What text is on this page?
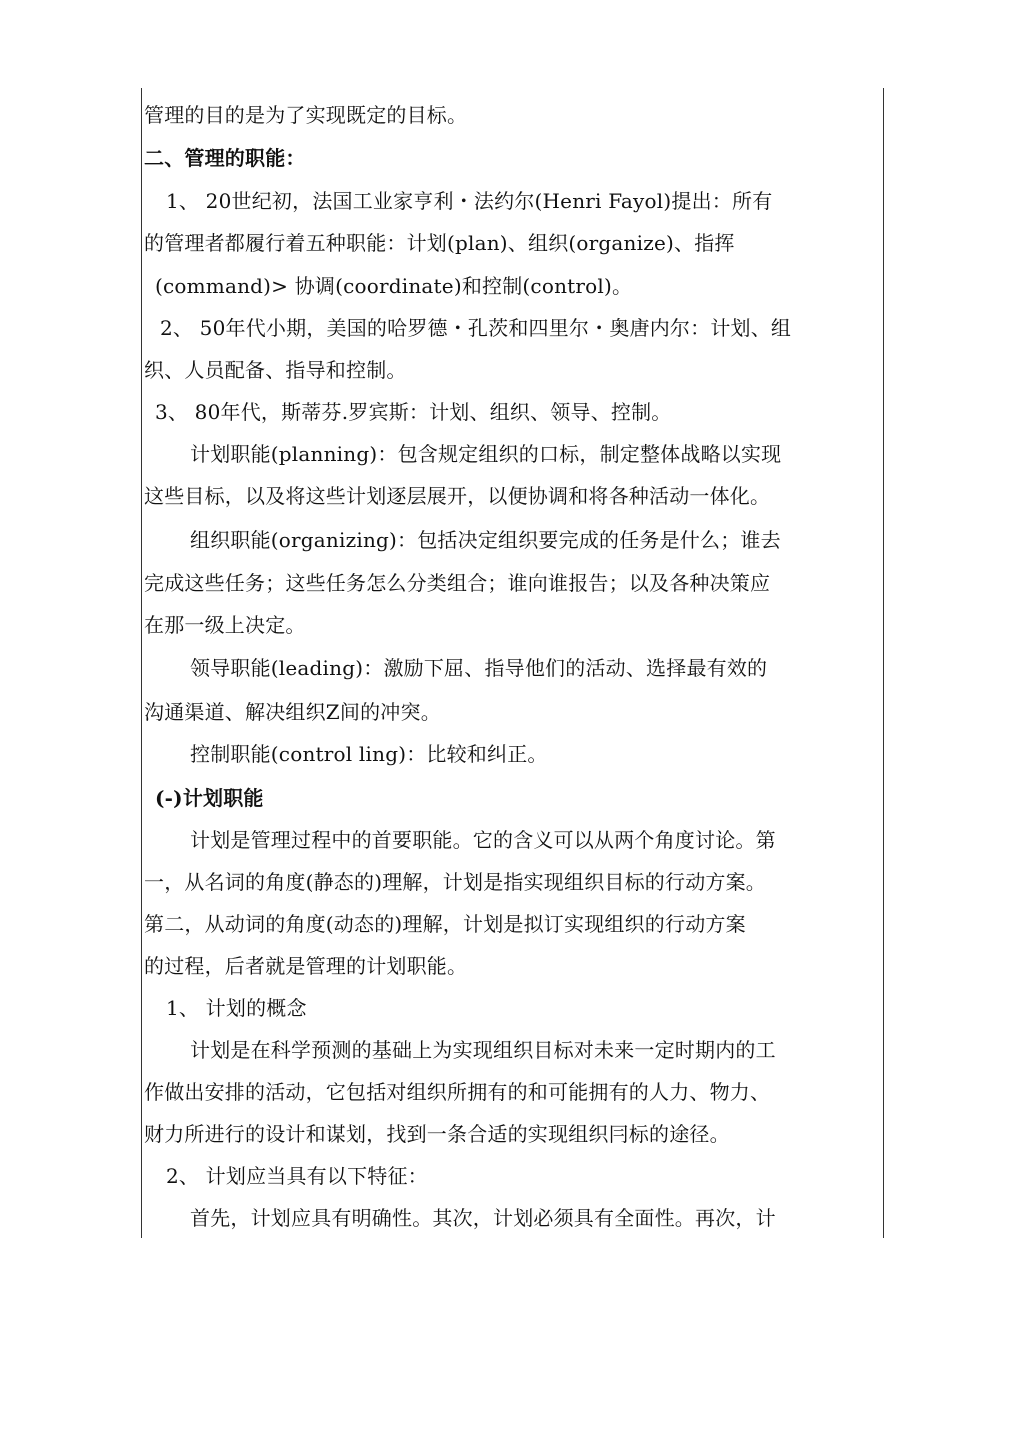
管理的目的是为了实现既定的目标。
二、管理的职能：
1、 20世纪初，法国工业家亨利・法约尔(Henri Fayol)提出：所有
的管理者都履行着五种职能：计划(plan)、组织(organize)、指挥
(command)> 协调(coordinate)和控制(control)。
2、 50年代小期，美国的哈罗德・孔茨和四里尔・奥唐内尔：计划、组
织、人员配备、指导和控制。
3、 80年代，斯蒂芬.罗宾斯：计划、组织、领导、控制。
计划职能(planning)：包含规定组织的口标，制定整体战略以实现
这些目标，以及将这些计划逐层展开，以便协调和将各种活动一体化。
组织职能(organizing)：包括决定组织要完成的任务是什么；谁去
完成这些任务；这些任务怎么分类组合；谁向谁报告；以及各种决策应
在那一级上决定。
领导职能(leading)：激励下屈、指导他们的活动、选择最有效的
沟通渠道、解决组织Z间的冲突。
控制职能(control ling)：比较和纠正。
(-)计划职能
计划是管理过程中的首要职能。它的含义可以从两个角度讨论。第
一，从名词的角度(静态的)理解，计划是指实现组织目标的行动方案。
第二，从动词的角度(动态的)理解，计划是拟订实现组织的行动方案
的过程，后者就是管理的计划职能。
1、 计划的概念
计划是在科学预测的基础上为实现组织目标对未来一定时期内的工
作做出安排的活动，它包括对组织所拥有的和可能拥有的人力、物力、
财力所进行的设计和谋划，找到一条合适的实现组织冃标的途径。
2、 计划应当具有以下特征：
首先，计划应具有明确性。其次，计划必须具有全面性。再次，计
